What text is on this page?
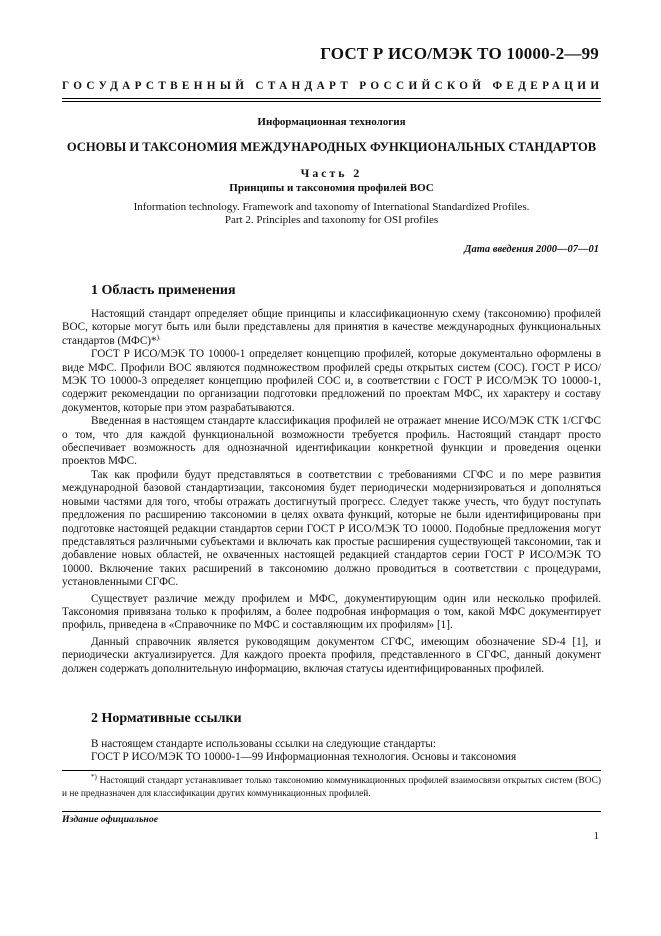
ГОСТ Р ИСО/МЭК ТО 10000-2—99
ГОСУДАРСТВЕННЫЙ СТАНДАРТ РОССИЙСКОЙ ФЕДЕРАЦИИ
Информационная технология
ОСНОВЫ И ТАКСОНОМИЯ МЕЖДУНАРОДНЫХ ФУНКЦИОНАЛЬНЫХ СТАНДАРТОВ
Часть 2
Принципы и таксономия профилей ВОС
Information technology. Framework and taxonomy of International Standardized Profiles.
Part 2. Principles and taxonomy for OSI profiles
Дата введения 2000—07—01
1 Область применения

Настоящий стандарт определяет общие принципы и классификационную схему (таксономию) профилей ВОС, которые могут быть или были представлены для принятия в качестве международных функциональных стандартов (МФС)*).

ГОСТ Р ИСО/МЭК ТО 10000-1 определяет концепцию профилей, которые документально оформлены в виде МФС. Профили ВОС являются подмножеством профилей среды открытых систем (СОС). ГОСТ Р ИСО/МЭК ТО 10000-3 определяет концепцию профилей СОС и, в соответствии с ГОСТ Р ИСО/МЭК ТО 10000-1, содержит рекомендации по организации подготовки предложений по проектам МФС, их характеру и составу документов, которые при этом разрабатываются.

Введенная в настоящем стандарте классификация профилей не отражает мнение ИСО/МЭК СТК 1/СГФС о том, что для каждой функциональной возможности требуется профиль. Настоящий стандарт просто обеспечивает возможность для однозначной идентификации конкретной функции и проведения оценки проектов МФС.

Так как профили будут представляться в соответствии с требованиями СГФС и по мере развития международной базовой стандартизации, таксономия будет периодически модернизироваться и дополняться новыми частями для того, чтобы отражать достигнутый прогресс. Следует также учесть, что будут поступать предложения по расширению таксономии в целях охвата функций, которые не были идентифицированы при подготовке настоящей редакции стандартов серии ГОСТ Р ИСО/МЭК ТО 10000. Подобные предложения могут представляться различными субъектами и включать как простые расширения существующей таксономии, так и добавление новых областей, не охваченных настоящей редакцией стандартов серии ГОСТ Р ИСО/МЭК ТО 10000. Включение таких расширений в таксономию должно проводиться в соответствии с процедурами, установленными СГФС.

Существует различие между профилем и МФС, документирующим один или несколько профилей. Таксономия привязана только к профилям, а более подробная информация о том, какой МФС документирует профиль, приведена в «Справочнике по МФС и составляющим их профилям» [1].

Данный справочник является руководящим документом СГФС, имеющим обозначение SD-4 [1], и периодически актуализируется. Для каждого проекта профиля, представленного в СГФС, данный документ должен содержать дополнительную информацию, включая статусы идентифицированных профилей.

2 Нормативные ссылки

В настоящем стандарте использованы ссылки на следующие стандарты:

ГОСТ Р ИСО/МЭК ТО 10000-1—99 Информационная технология. Основы и таксономия

*) Настоящий стандарт устанавливает только таксономию коммуникационных профилей взаимосвязи открытых систем (ВОС) и не предназначен для классификации других коммуникационных профилей.
Издание официальное
1
